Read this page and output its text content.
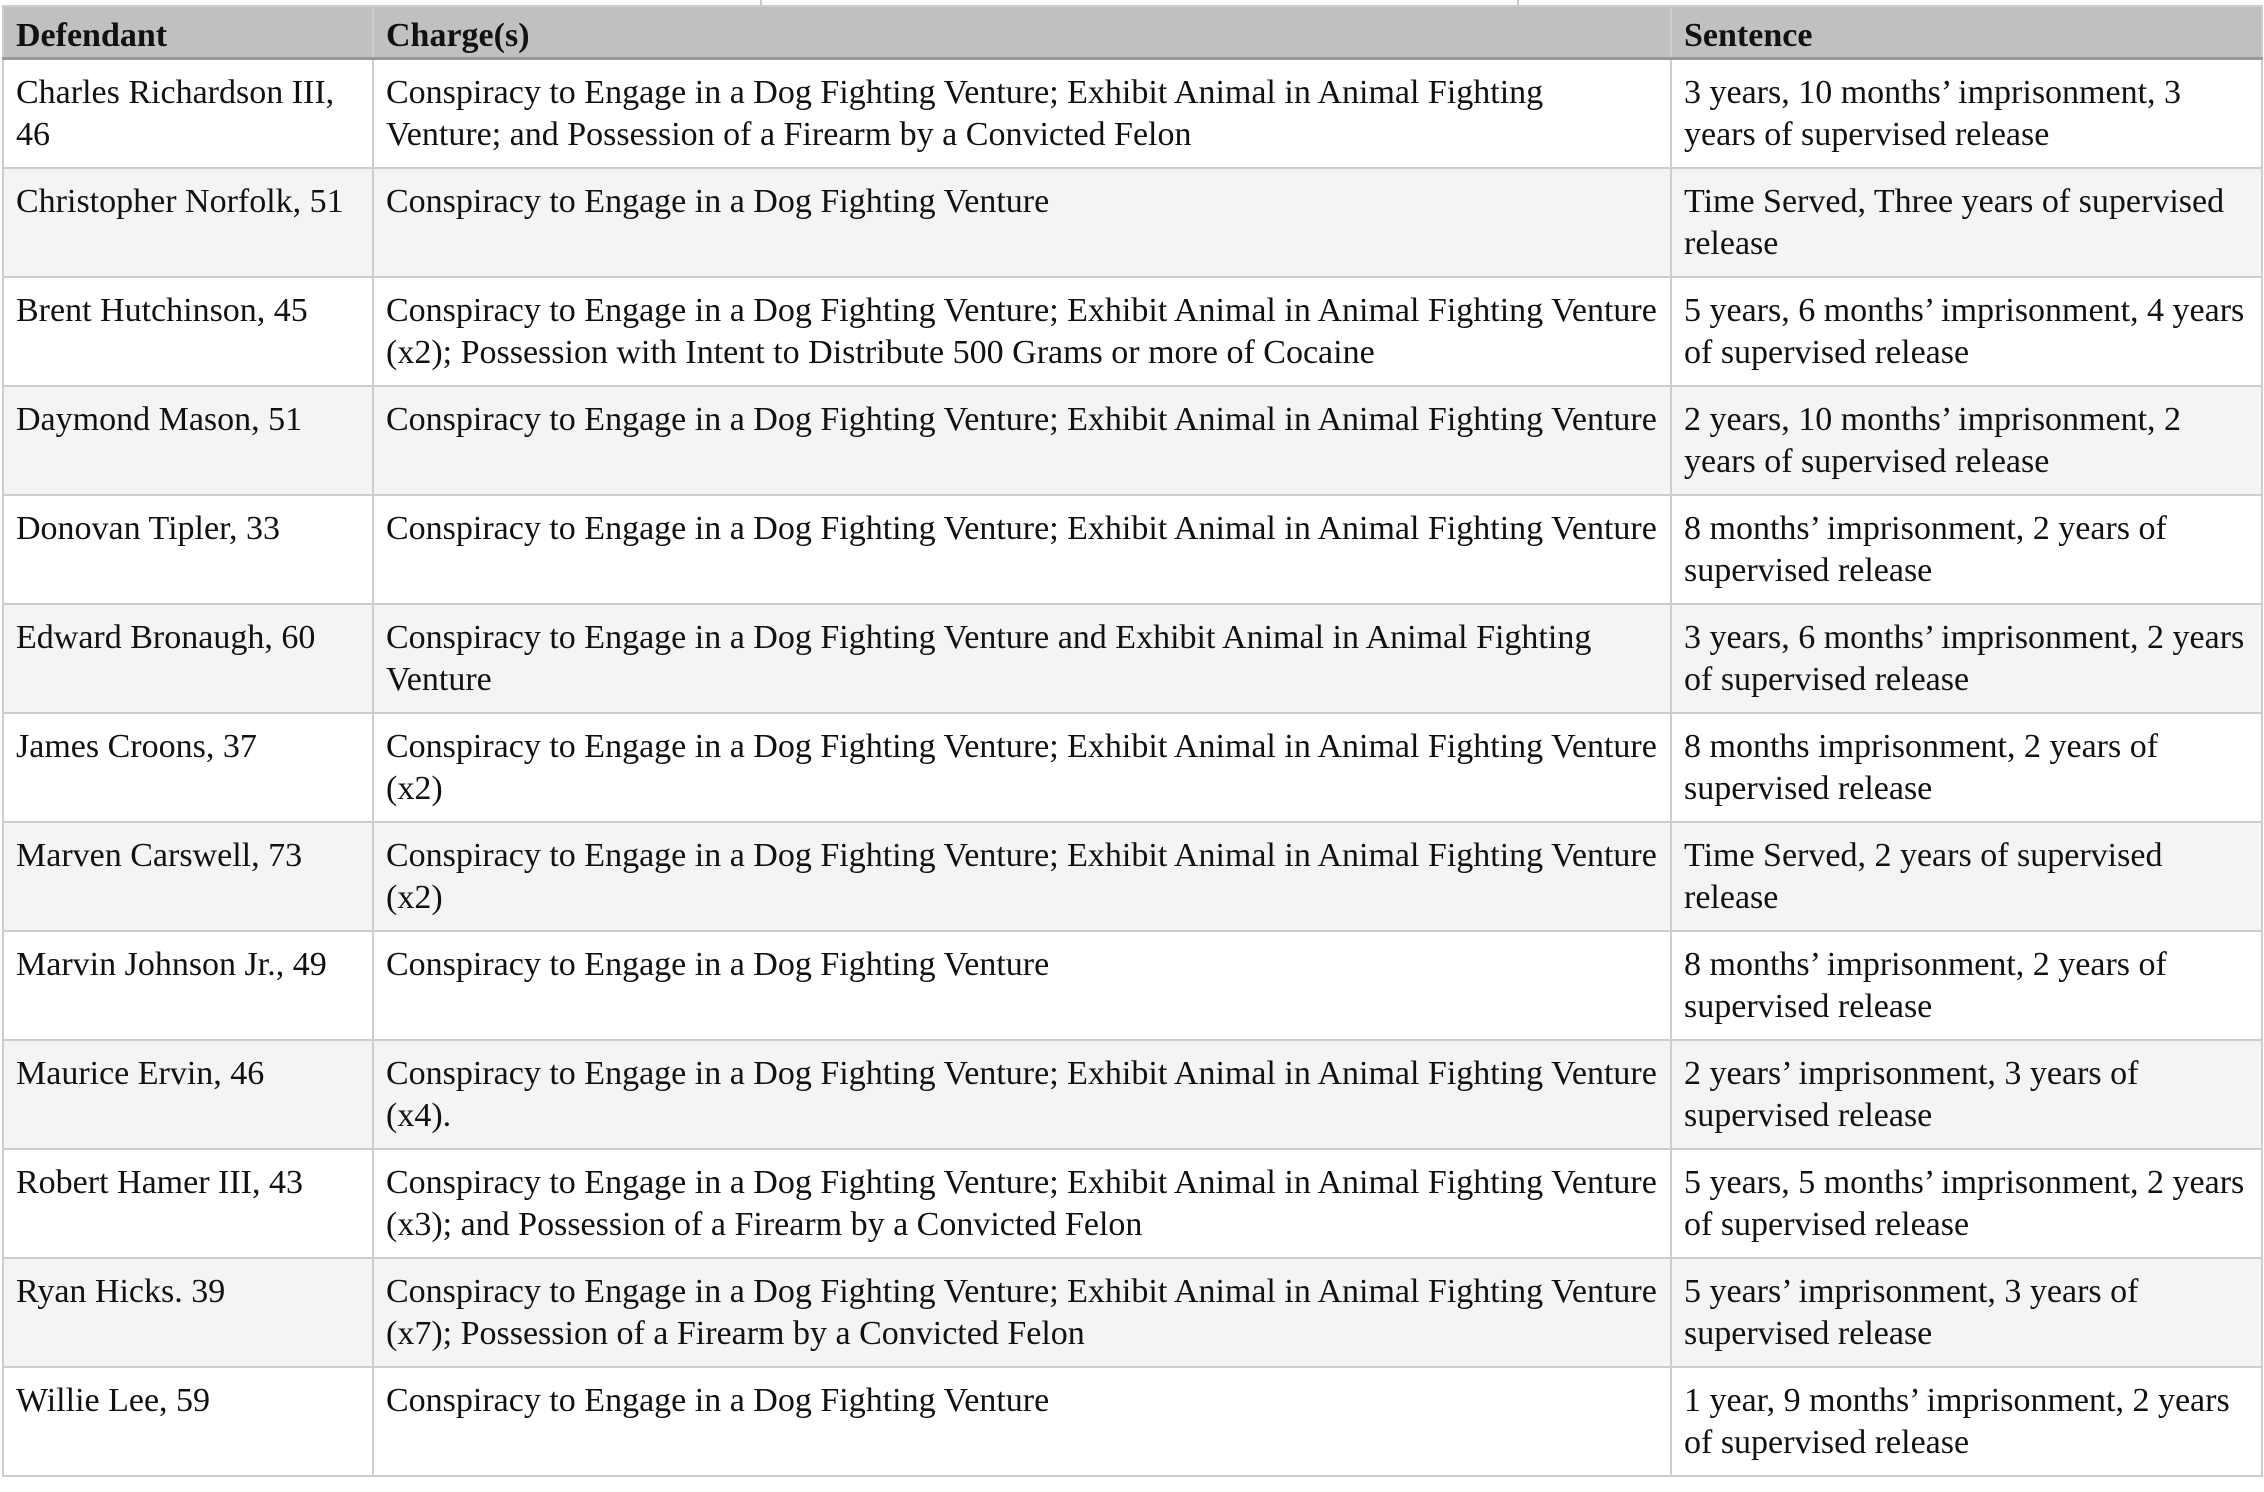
Defendant	Charge(s)	Sentence
Charles Richardson III, 46	Conspiracy to Engage in a Dog Fighting Venture; Exhibit Animal in Animal Fighting Venture; and Possession of a Firearm by a Convicted Felon	3 years, 10 months’ imprisonment, 3 years of supervised release
Christopher Norfolk, 51	Conspiracy to Engage in a Dog Fighting Venture	Time Served, Three years of supervised release
Brent Hutchinson, 45	Conspiracy to Engage in a Dog Fighting Venture; Exhibit Animal in Animal Fighting Venture (x2); Possession with Intent to Distribute 500 Grams or more of Cocaine	5 years, 6 months’ imprisonment, 4 years of supervised release
Daymond Mason, 51	Conspiracy to Engage in a Dog Fighting Venture; Exhibit Animal in Animal Fighting Venture	2 years, 10 months’ imprisonment, 2 years of supervised release
Donovan Tipler, 33	Conspiracy to Engage in a Dog Fighting Venture; Exhibit Animal in Animal Fighting Venture	8 months’ imprisonment, 2 years of supervised release
Edward Bronaugh, 60	Conspiracy to Engage in a Dog Fighting Venture and Exhibit Animal in Animal Fighting Venture	3 years, 6 months’ imprisonment, 2 years of supervised release
James Croons, 37	Conspiracy to Engage in a Dog Fighting Venture; Exhibit Animal in Animal Fighting Venture (x2)	8 months imprisonment, 2 years of supervised release
Marven Carswell, 73	Conspiracy to Engage in a Dog Fighting Venture; Exhibit Animal in Animal Fighting Venture (x2)	Time Served, 2 years of supervised release
Marvin Johnson Jr., 49	Conspiracy to Engage in a Dog Fighting Venture	8 months’ imprisonment, 2 years of supervised release
Maurice Ervin, 46	Conspiracy to Engage in a Dog Fighting Venture; Exhibit Animal in Animal Fighting Venture (x4).	2 years’ imprisonment, 3 years of supervised release
Robert Hamer III, 43	Conspiracy to Engage in a Dog Fighting Venture; Exhibit Animal in Animal Fighting Venture (x3); and Possession of a Firearm by a Convicted Felon	5 years, 5 months’ imprisonment, 2 years of supervised release
Ryan Hicks. 39	Conspiracy to Engage in a Dog Fighting Venture; Exhibit Animal in Animal Fighting Venture (x7); Possession of a Firearm by a Convicted Felon	5 years’ imprisonment, 3 years of supervised release
Willie Lee, 59	Conspiracy to Engage in a Dog Fighting Venture	1 year, 9 months’ imprisonment, 2 years of supervised release
